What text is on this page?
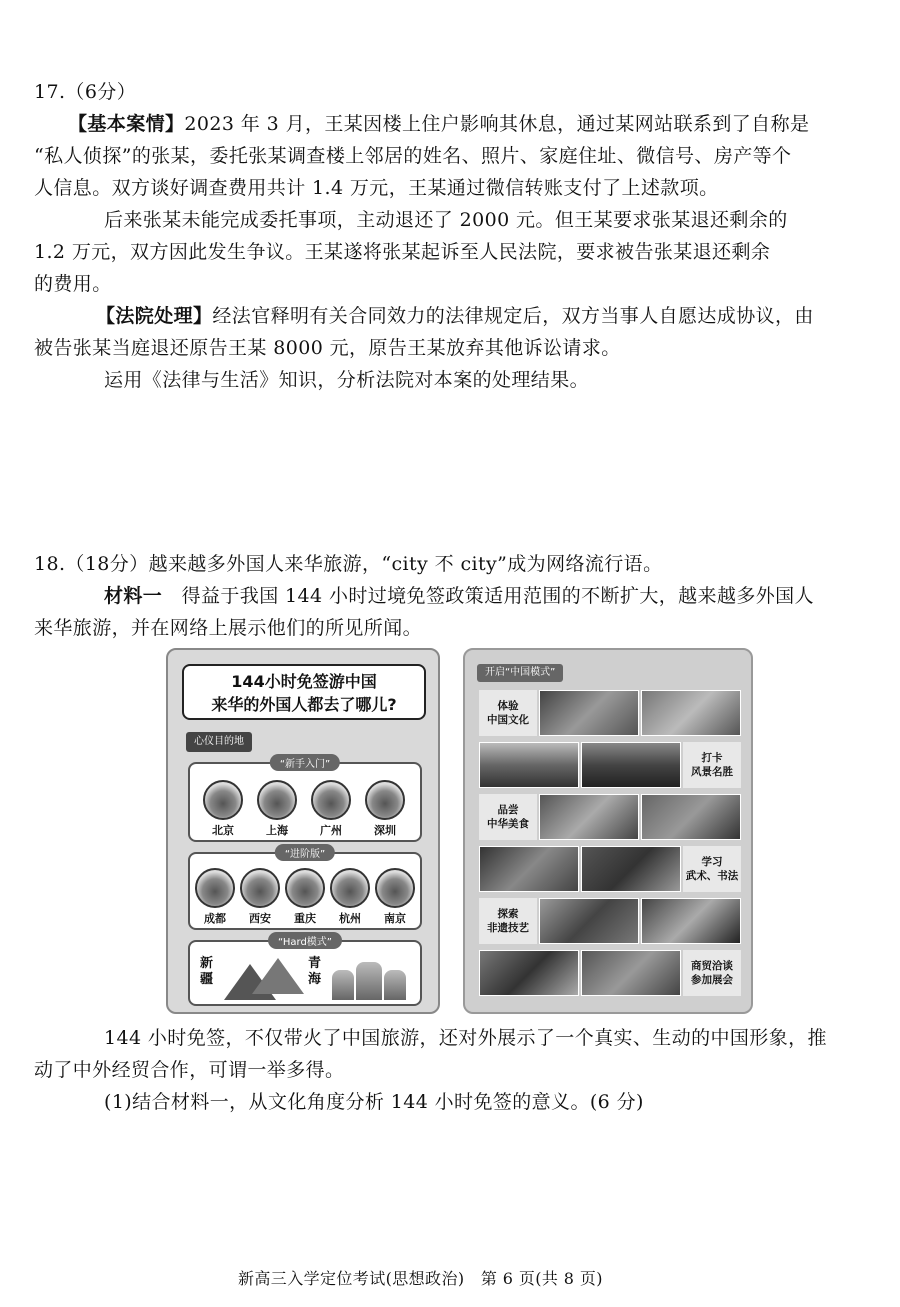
17.（6分）
【基本案情】2023 年 3 月，王某因楼上住户影响其休息，通过某网站联系到了自称是
“私人侦探”的张某，委托张某调查楼上邻居的姓名、照片、家庭住址、微信号、房产等个
人信息。双方谈好调查费用共计 1.4 万元，王某通过微信转账支付了上述款项。
后来张某未能完成委托事项，主动退还了 2000 元。但王某要求张某退还剩余的
1.2 万元，双方因此发生争议。王某遂将张某起诉至人民法院，要求被告张某退还剩余
的费用。
【法院处理】经法官释明有关合同效力的法律规定后，双方当事人自愿达成协议，由
被告张某当庭退还原告王某 8000 元，原告王某放弃其他诉讼请求。
运用《法律与生活》知识，分析法院对本案的处理结果。
18.（18分）越来越多外国人来华旅游，“city 不 city”成为网络流行语。
材料一　 得益于我国 144 小时过境免签政策适用范围的不断扩大，越来越多外国人
来华旅游，并在网络上展示他们的所见所闻。
144小时免签游中国
来华的外国人都去了哪儿?
心仪目的地
“新手入门”
北京	上海	广州	深圳
“进阶版”
成都	西安	重庆	杭州	南京
“Hard模式”
新疆
青海
开启“中国模式”
体验
中国文化
打卡
风景名胜
品尝
中华美食
学习
武术、书法
探索
非遗技艺
商贸洽谈
参加展会
144 小时免签，不仅带火了中国旅游，还对外展示了一个真实、生动的中国形象，推
动了中外经贸合作，可谓一举多得。
(1)结合材料一，从文化角度分析 144 小时免签的意义。(6 分)
新高三入学定位考试(思想政治)　第 6 页(共 8 页)
